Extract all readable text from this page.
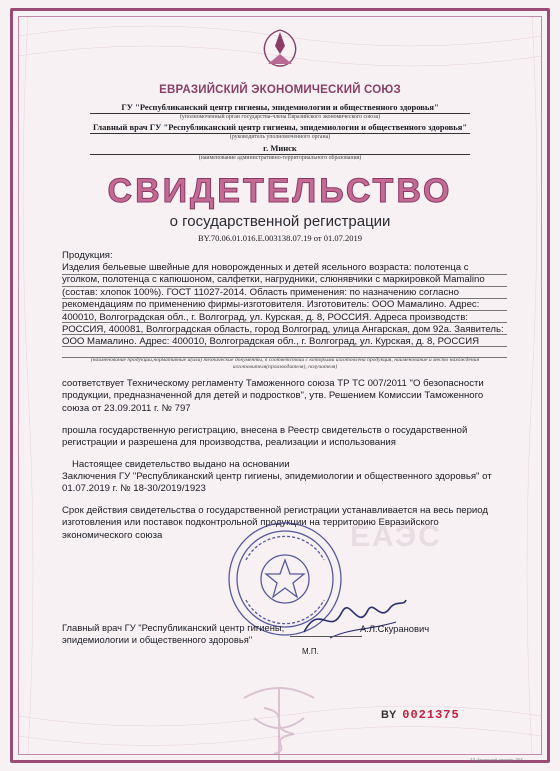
ЕВРАЗИЙСКИЙ ЭКОНОМИЧЕСКИЙ СОЮЗ
ГУ "Республиканский центр гигиены, эпидемиологии и общественного здоровья"
(уполномоченный орган государства-члена Евразийского экономического союза)
Главный врач ГУ "Республиканский центр гигиены, эпидемиологии и общественного здоровья"
(руководитель уполномоченного органа)
г. Минск
(наименование административно-территориального образования)
СВИДЕТЕЛЬСТВО
о государственной регистрации
BY.70.06.01.016.E.003138.07.19 от 01.07.2019
Продукция:
Изделия бельевые швейные для новорожденных и детей ясельного возраста: полотенца с уголком, полотенца с капюшоном, салфетки, нагрудники, слюнявчики с маркировкой Mamalino (состав: хлопок 100%). ГОСТ 11027-2014. Область применения: по назначению согласно рекомендациям по применению фирмы-изготовителя. Изготовитель: ООО Мамалино. Адрес: 400010, Волгоградская обл., г. Волгоград, ул. Курская, д. 8, РОССИЯ. Адреса производств: РОССИЯ, 400081, Волгоградская область, город Волгоград, улица Ангарская, дом 92а. Заявитель: ООО Мамалино. Адрес: 400010, Волгоградская обл., г. Волгоград, ул. Курская, д. 8, РОССИЯ
(наименование продукции,нормативные и(или) технические документы, в соответствии с которыми изготовлена продукция, наименование и место нахождения изготовителя(производителя), получателя)
соответствует Техническому регламенту Таможенного союза ТР ТС 007/2011 "О безопасности продукции, предназначенной для детей и подростков", утв. Решением Комиссии Таможенного союза от 23.09.2011 г. № 797
прошла государственную регистрацию, внесена в Реестр свидетельств о государственной регистрации и разрешена для производства, реализации и использования
Настоящее свидетельство выдано на основании
Заключения ГУ "Республиканский центр гигиены, эпидемиологии и общественного здоровья" от 01.07.2019 г. № 18-30/2019/1923
Срок действия свидетельства о государственной регистрации устанавливается на весь период изготовления или поставок подконтрольной продукции на территорию Евразийского экономического союза	ЕАЭС
Главный врач ГУ "Республиканский центр гигиены, эпидемиологии и общественного здоровья"
А.Л.Скуранович
М.П.
BY 0021375
ЛЛ «Белорусский документ» 2018
